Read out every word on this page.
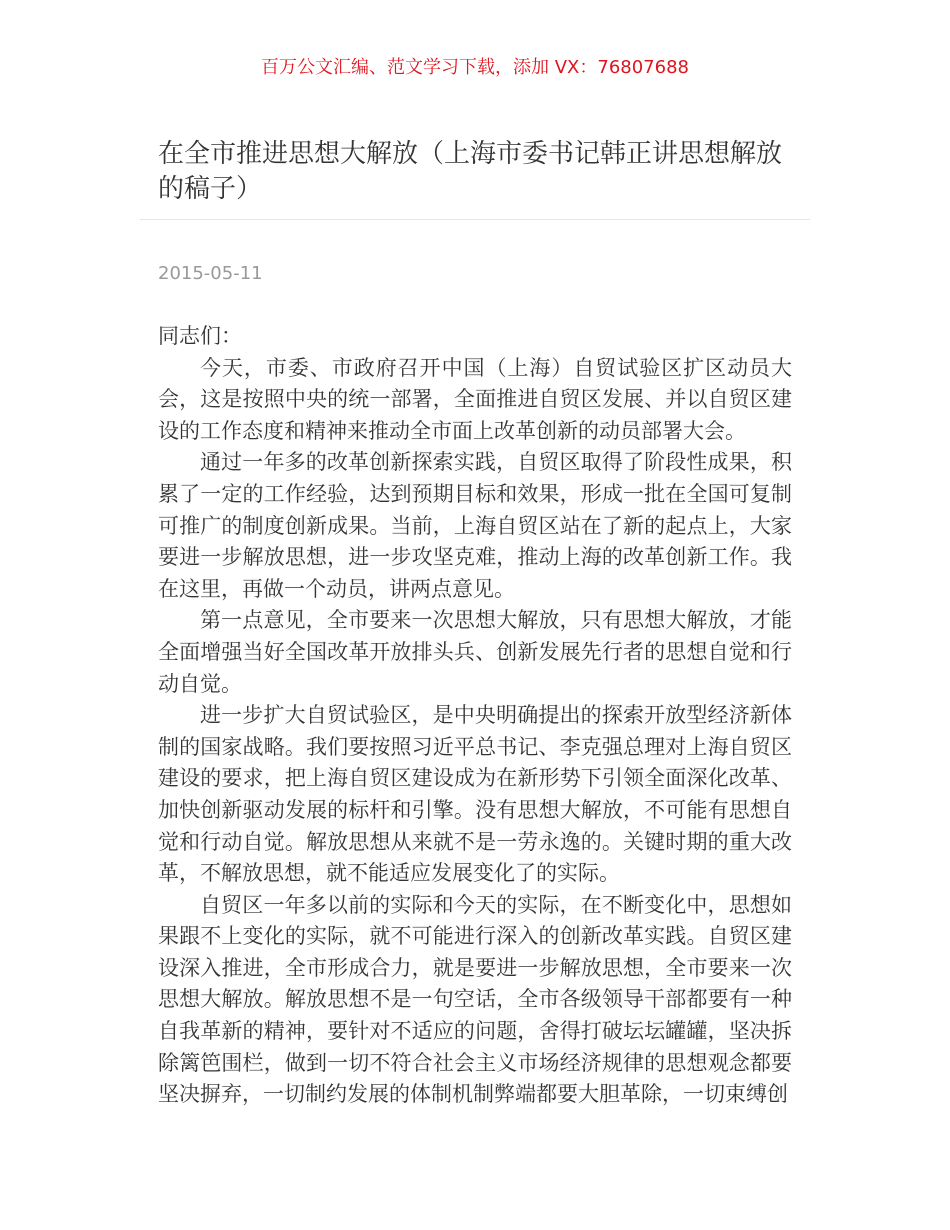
百万公文汇编、范文学习下载，添加 VX：76807688
在全市推进思想大解放（上海市委书记韩正讲思想解放的稿子）
2015-05-11

同志们：

今天，市委、市政府召开中国（上海）自贸试验区扩区动员大会，这是按照中央的统一部署，全面推进自贸区发展、并以自贸区建设的工作态度和精神来推动全市面上改革创新的动员部署大会。

通过一年多的改革创新探索实践，自贸区取得了阶段性成果，积累了一定的工作经验，达到预期目标和效果，形成一批在全国可复制可推广的制度创新成果。当前，上海自贸区站在了新的起点上，大家要进一步解放思想，进一步攻坚克难，推动上海的改革创新工作。我在这里，再做一个动员，讲两点意见。

第一点意见，全市要来一次思想大解放，只有思想大解放，才能全面增强当好全国改革开放排头兵、创新发展先行者的思想自觉和行动自觉。

进一步扩大自贸试验区，是中央明确提出的探索开放型经济新体制的国家战略。我们要按照习近平总书记、李克强总理对上海自贸区建设的要求，把上海自贸区建设成为在新形势下引领全面深化改革、加快创新驱动发展的标杆和引擎。没有思想大解放，不可能有思想自觉和行动自觉。解放思想从来就不是一劳永逸的。关键时期的重大改革，不解放思想，就不能适应发展变化了的实际。

自贸区一年多以前的实际和今天的实际，在不断变化中，思想如果跟不上变化的实际，就不可能进行深入的创新改革实践。自贸区建设深入推进，全市形成合力，就是要进一步解放思想，全市要来一次思想大解放。解放思想不是一句空话，全市各级领导干部都要有一种自我革新的精神，要针对不适应的问题，舍得打破坛坛罐罐，坚决拆除篱笆围栏，做到一切不符合社会主义市场经济规律的思想观念都要坚决摒弃，一切制约发展的体制机制弊端都要大胆革除，一切束缚创
